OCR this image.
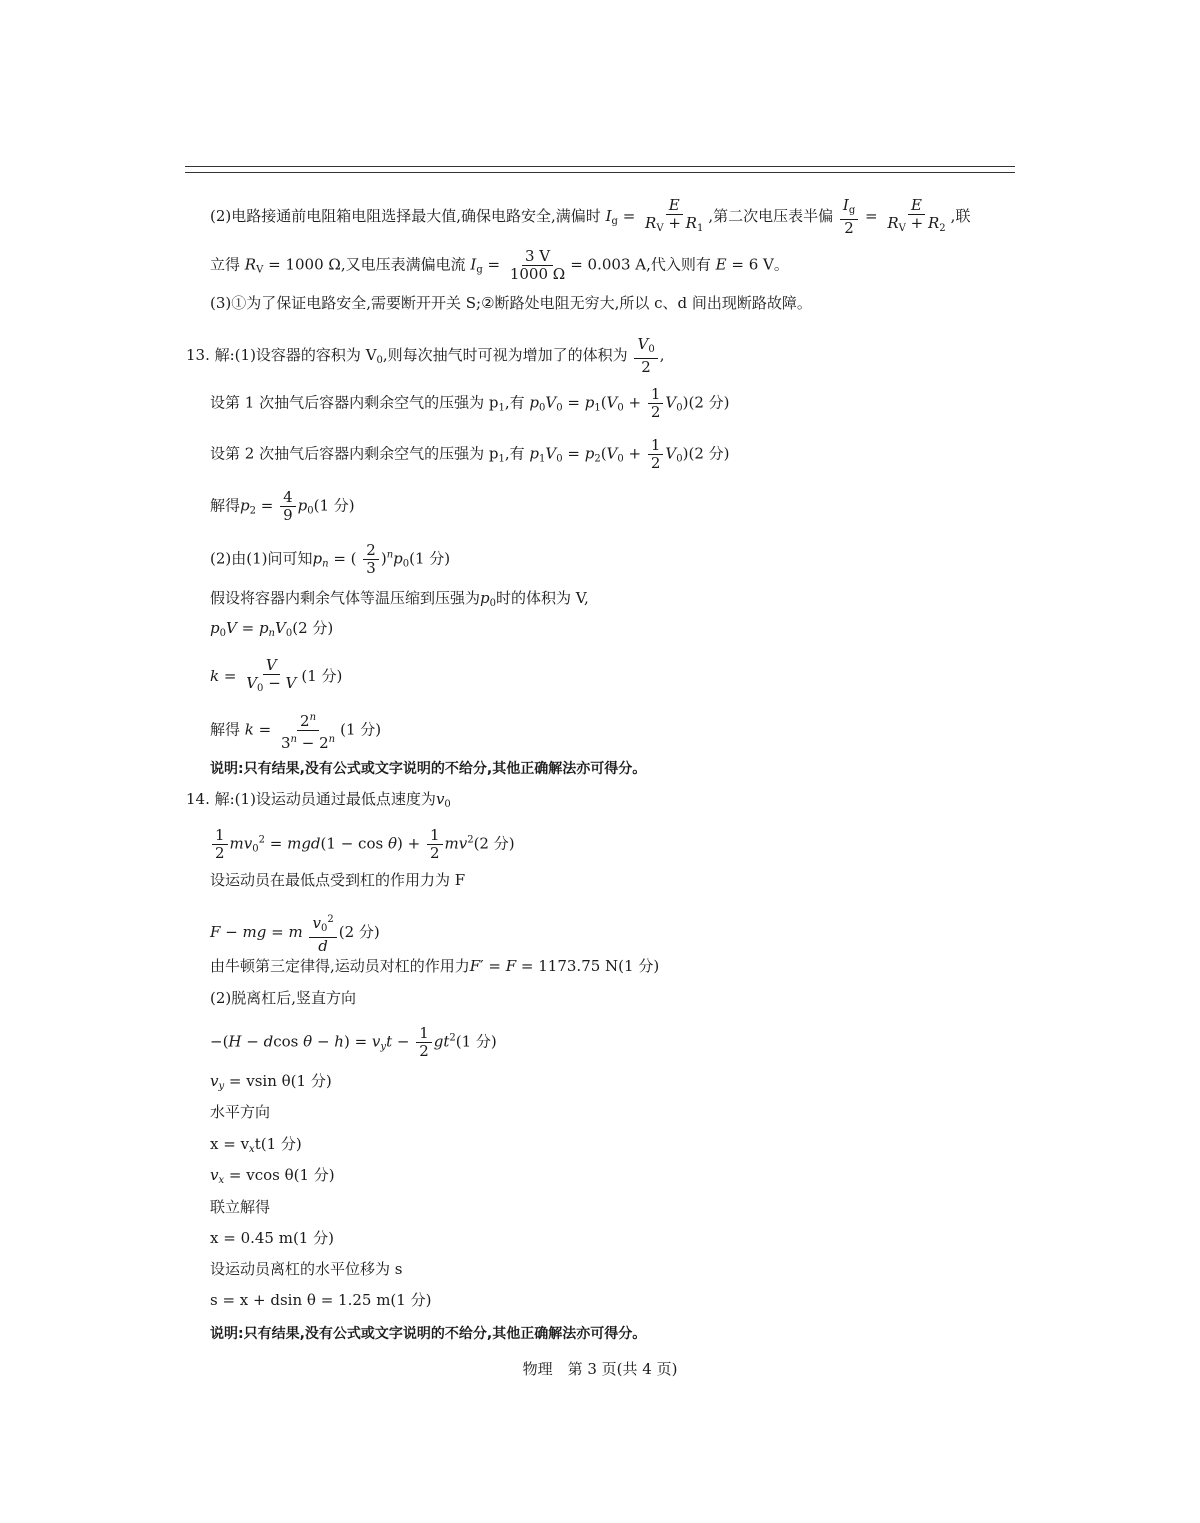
(2)电路接通前电阻箱电阻选择最大值,确保电路安全,满偏时 $I_g = \frac{E}{R_V + R_1}$ ,第二次电压表半偏 $\frac{I_g}{2} = \frac{E}{R_V + R_2}$ ,联
立得 $R_V = 1000$ Ω,又电压表满偏电流 $I_g = \frac{3 V}{1000 \Omega} = 0.003$ A,代入则有 E = 6 V。
(3)①为了保证电路安全,需要断开开关 S;②断路处电阻无穷大,所以 c、d 间出现断路故障。
13. 解:(1)设容器的容积为 $V_0$,则每次抽气时可视为增加了的体积为 $\frac{V_0}{2}$ ,
设第 1 次抽气后容器内剩余空气的压强为 $p_1$,有 $p_0V_0 = p_1(V_0 + \frac{1}{2} V_0)(2$ 分)
设第 2 次抽气后容器内剩余空气的压强为 $p_1$,有 $p_1V_0 = p_2(V_0 + \frac{1}{2} V_0)(2$ 分)
解得$p_2 = \frac{4}{9} p_0(1$ 分)
(2)由(1)问可知$p_n$ = ( $\frac{2}{3} )^np_0(1$ 分)
假设将容器内剩余气体等温压缩到压强为$p_0$时的体积为 V,
$p_0V = p_nV_0(2$ 分)
$k = \frac{V}{V_0 - V} (1$ 分)
解得 $k = \frac{2^n}{3^n - 2^n} (1$ 分)
说明:只有结果,没有公式或文字说明的不给分,其他正确解法亦可得分。
14. 解:(1)设运动员通过最低点速度为$v_0$
$\frac{1}{2} mv_0^2 = mgd(1 - \cos \theta) + \frac{1}{2} mv^2(2$ 分)
设运动员在最低点受到杠的作用力为 F
F − mg = m $\frac{v_0^2}{d} (2$ 分)
由牛顿第三定律得,运动员对杠的作用力F′ = F = 1173.75 N(1 分)
(2)脱离杠后,竖直方向
−(H − dcos $\theta - h) = v_yt - \frac{1}{2} gt^2(1$ 分)
$v_y = vsin$ θ(1 分)
水平方向
$x = v_xt(1$ 分)
$v_x = vcos$ θ(1 分)
联立解得
x = 0.45 m(1 分)
设运动员离杠的水平位移为 s
s = x + dsin θ = 1.25 m(1 分)
说明:只有结果,没有公式或文字说明的不给分,其他正确解法亦可得分。
物理　第 3 页(共 4 页)
